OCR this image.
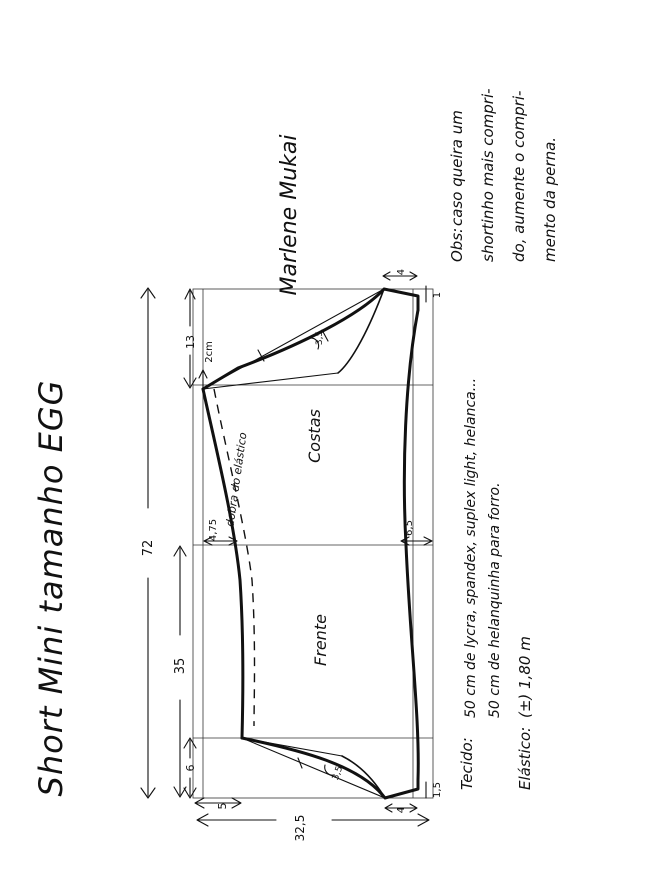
72
35
13 2cm
6
5
32,5
4
1
4
1,5
3,5
3,5
4,75	6,5
Costas
Frente
dobra do elástico
Short Mini tamanho EGG
Marlene Mukai
Tecido:
50 cm de lycra, spandex, suplex light, helanca... 50 cm de helanquinha para forro.
Elástico:
(±) 1,80 m
Obs:
caso queira um shortinho mais compri- do, aumente o compri- mento da perna.
